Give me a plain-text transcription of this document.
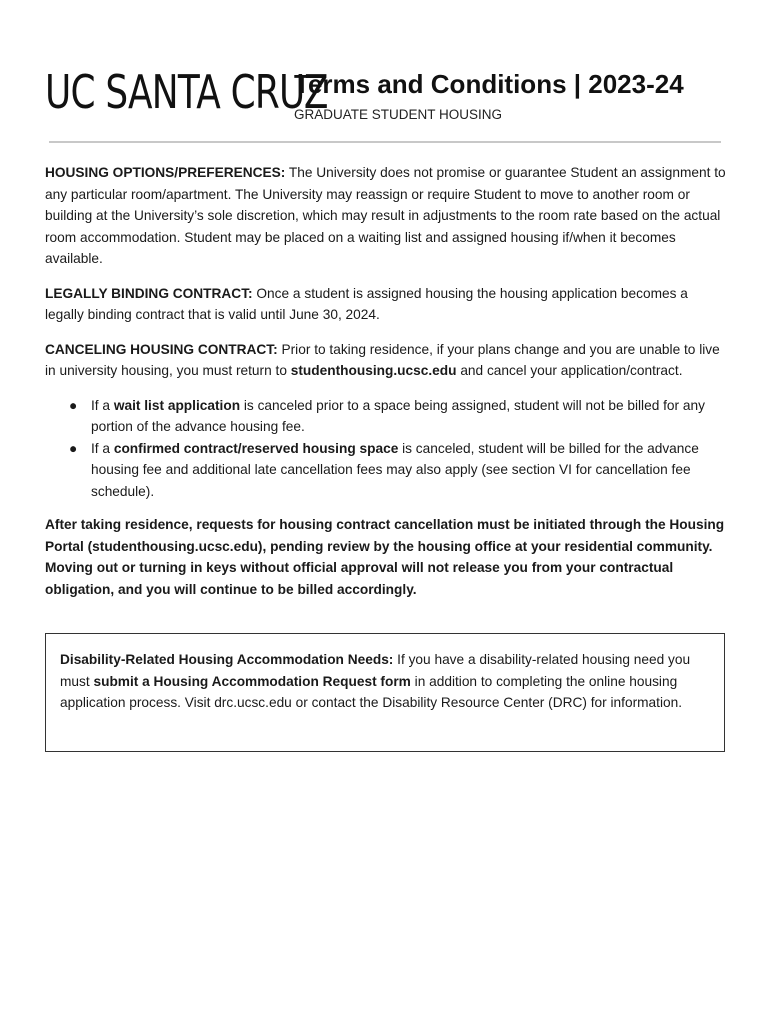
UC SANTA CRUZ
Terms and Conditions | 2023-24
GRADUATE STUDENT HOUSING

HOUSING OPTIONS/PREFERENCES: The University does not promise or guarantee Student an assignment to any particular room/apartment. The University may reassign or require Student to move to another room or building at the University’s sole discretion, which may result in adjustments to the room rate based on the actual room accommodation. Student may be placed on a waiting list and assigned housing if/when it becomes available.

LEGALLY BINDING CONTRACT: Once a student is assigned housing the housing application becomes a legally binding contract that is valid until June 30, 2024.

CANCELING HOUSING CONTRACT: Prior to taking residence, if your plans change and you are unable to live in university housing, you must return to studenthousing.ucsc.edu and cancel your application/contract.

● If a wait list application is canceled prior to a space being assigned, student will not be billed for any portion of the advance housing fee.
● If a confirmed contract/reserved housing space is canceled, student will be billed for the advance housing fee and additional late cancellation fees may also apply (see section VI for cancellation fee schedule).

After taking residence, requests for housing contract cancellation must be initiated through the Housing Portal (studenthousing.ucsc.edu), pending review by the housing office at your residential community. Moving out or turning in keys without official approval will not release you from your contractual obligation, and you will continue to be billed accordingly.

Disability-Related Housing Accommodation Needs: If you have a disability-related housing need you must submit a Housing Accommodation Request form in addition to completing the online housing application process. Visit drc.ucsc.edu or contact the Disability Resource Center (DRC) for information.
